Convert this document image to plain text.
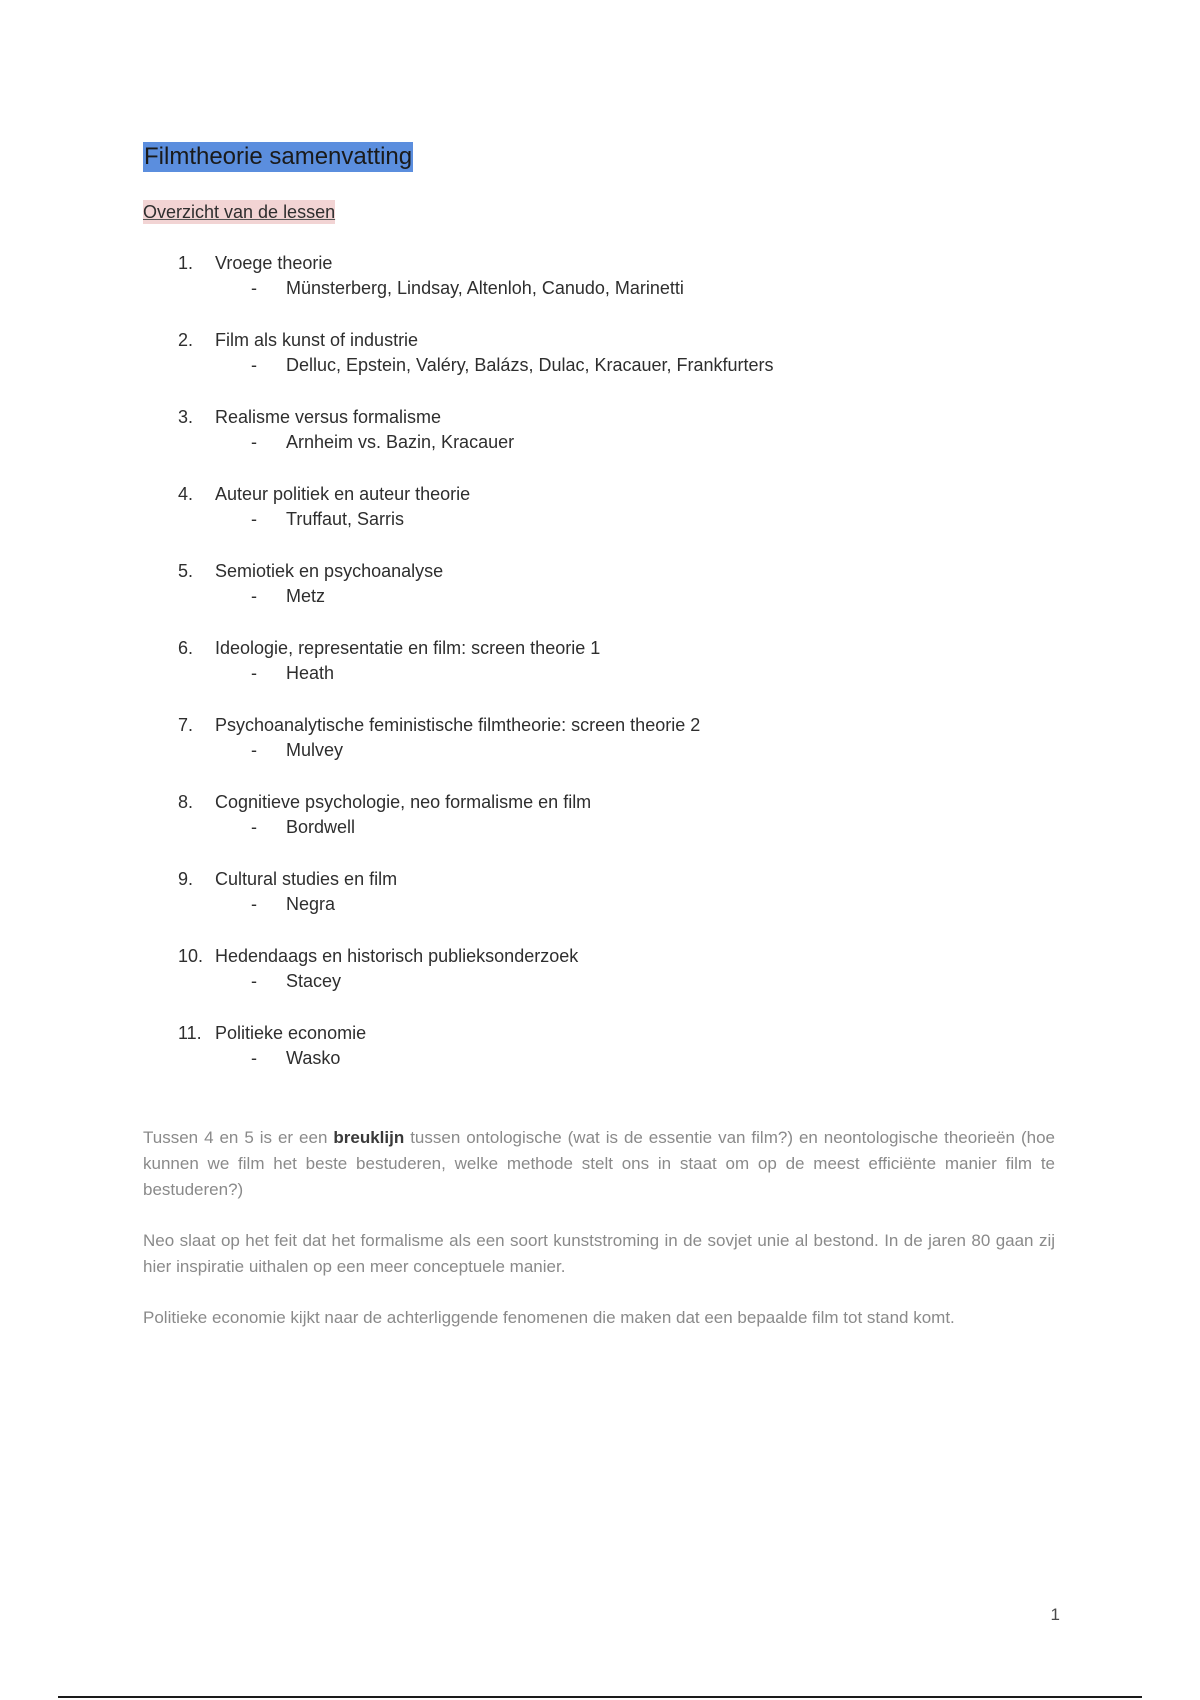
Filmtheorie samenvatting
Overzicht van de lessen
1.	Vroege theorie
- Münsterberg, Lindsay, Altenloh, Canudo, Marinetti
2.	Film als kunst of industrie
- Delluc, Epstein, Valéry, Balázs, Dulac, Kracauer, Frankfurters
3.	Realisme versus formalisme
- Arnheim vs. Bazin, Kracauer
4.	Auteur politiek en auteur theorie
- Truffaut, Sarris
5.	Semiotiek en psychoanalyse
- Metz
6.	Ideologie, representatie en film: screen theorie 1
- Heath
7.	Psychoanalytische feministische filmtheorie: screen theorie 2
- Mulvey
8.	Cognitieve psychologie, neo formalisme en film
- Bordwell
9.	Cultural studies en film
- Negra
10. Hedendaags en historisch publieksonderzoek
- Stacey
11. Politieke economie
- Wasko

Tussen 4 en 5 is er een breuklijn tussen ontologische (wat is de essentie van film?) en neontologische theorieën (hoe kunnen we film het beste bestuderen, welke methode stelt ons in staat om op de meest efficiënte manier film te bestuderen?)

Neo slaat op het feit dat het formalisme als een soort kunststroming in de sovjet unie al bestond. In de jaren 80 gaan zij hier inspiratie uithalen op een meer conceptuele manier.

Politieke economie kijkt naar de achterliggende fenomenen die maken dat een bepaalde film tot stand komt.

1
